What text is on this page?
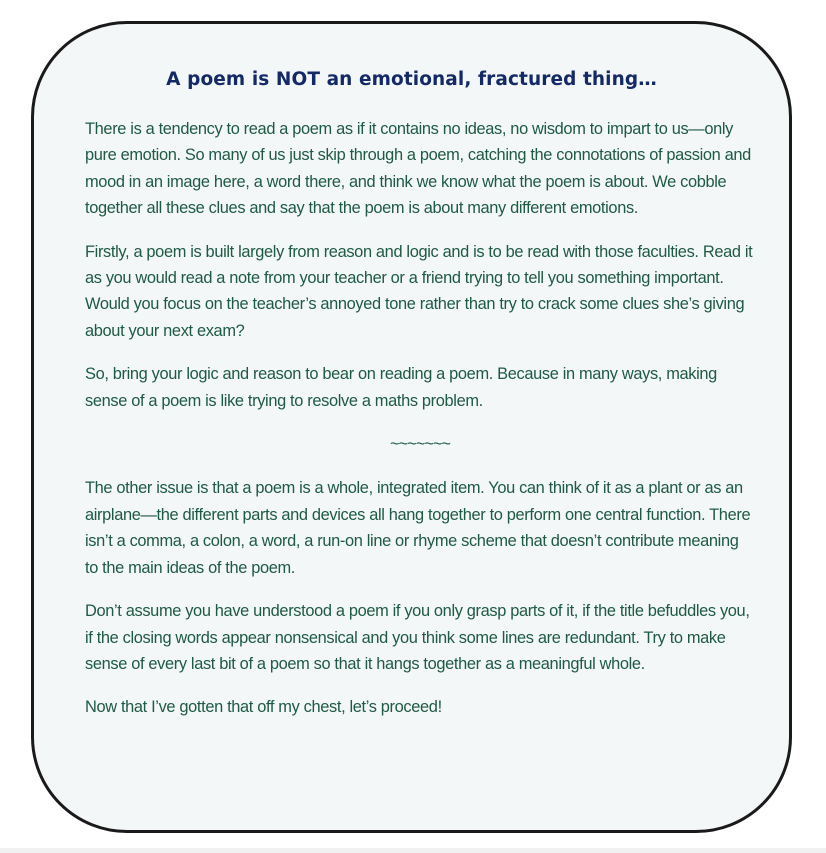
A poem is NOT an emotional, fractured thing…

There is a tendency to read a poem as if it contains no ideas, no wisdom to impart to us—only pure emotion. So many of us just skip through a poem, catching the connotations of passion and mood in an image here, a word there, and think we know what the poem is about. We cobble together all these clues and say that the poem is about many different emotions.

Firstly, a poem is built largely from reason and logic and is to be read with those faculties. Read it as you would read a note from your teacher or a friend trying to tell you something important. Would you focus on the teacher’s annoyed tone rather than try to crack some clues she’s giving about your next exam?

So, bring your logic and reason to bear on reading a poem. Because in many ways, making sense of a poem is like trying to resolve a maths problem.

~~~~~~~

The other issue is that a poem is a whole, integrated item. You can think of it as a plant or as an airplane—the different parts and devices all hang together to perform one central function. There isn’t a comma, a colon, a word, a run-on line or rhyme scheme that doesn’t contribute meaning to the main ideas of the poem.

Don’t assume you have understood a poem if you only grasp parts of it, if the title befuddles you, if the closing words appear nonsensical and you think some lines are redundant. Try to make sense of every last bit of a poem so that it hangs together as a meaningful whole.

Now that I’ve gotten that off my chest, let’s proceed!
